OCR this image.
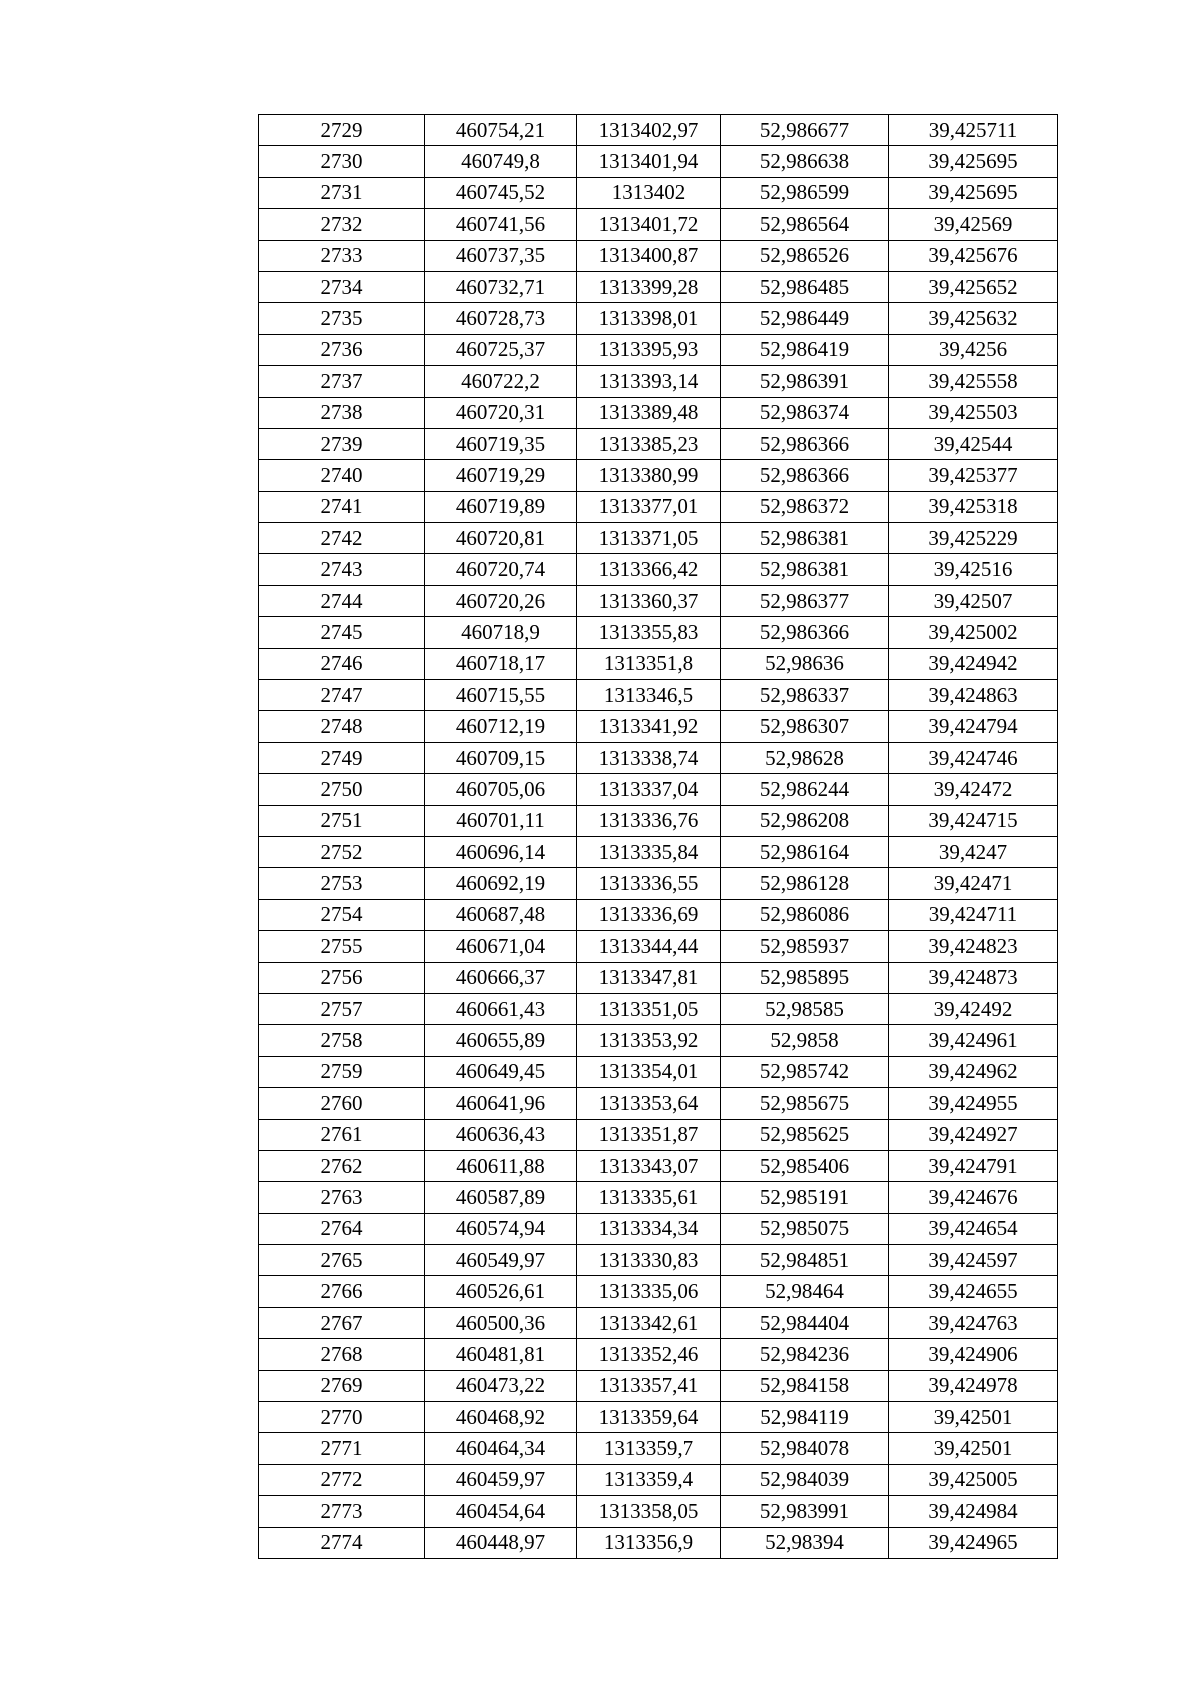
2729	460754,21	1313402,97	52,986677	39,425711
2730	460749,8	1313401,94	52,986638	39,425695
2731	460745,52	1313402	52,986599	39,425695
2732	460741,56	1313401,72	52,986564	39,42569
2733	460737,35	1313400,87	52,986526	39,425676
2734	460732,71	1313399,28	52,986485	39,425652
2735	460728,73	1313398,01	52,986449	39,425632
2736	460725,37	1313395,93	52,986419	39,4256
2737	460722,2	1313393,14	52,986391	39,425558
2738	460720,31	1313389,48	52,986374	39,425503
2739	460719,35	1313385,23	52,986366	39,42544
2740	460719,29	1313380,99	52,986366	39,425377
2741	460719,89	1313377,01	52,986372	39,425318
2742	460720,81	1313371,05	52,986381	39,425229
2743	460720,74	1313366,42	52,986381	39,42516
2744	460720,26	1313360,37	52,986377	39,42507
2745	460718,9	1313355,83	52,986366	39,425002
2746	460718,17	1313351,8	52,98636	39,424942
2747	460715,55	1313346,5	52,986337	39,424863
2748	460712,19	1313341,92	52,986307	39,424794
2749	460709,15	1313338,74	52,98628	39,424746
2750	460705,06	1313337,04	52,986244	39,42472
2751	460701,11	1313336,76	52,986208	39,424715
2752	460696,14	1313335,84	52,986164	39,4247
2753	460692,19	1313336,55	52,986128	39,42471
2754	460687,48	1313336,69	52,986086	39,424711
2755	460671,04	1313344,44	52,985937	39,424823
2756	460666,37	1313347,81	52,985895	39,424873
2757	460661,43	1313351,05	52,98585	39,42492
2758	460655,89	1313353,92	52,9858	39,424961
2759	460649,45	1313354,01	52,985742	39,424962
2760	460641,96	1313353,64	52,985675	39,424955
2761	460636,43	1313351,87	52,985625	39,424927
2762	460611,88	1313343,07	52,985406	39,424791
2763	460587,89	1313335,61	52,985191	39,424676
2764	460574,94	1313334,34	52,985075	39,424654
2765	460549,97	1313330,83	52,984851	39,424597
2766	460526,61	1313335,06	52,98464	39,424655
2767	460500,36	1313342,61	52,984404	39,424763
2768	460481,81	1313352,46	52,984236	39,424906
2769	460473,22	1313357,41	52,984158	39,424978
2770	460468,92	1313359,64	52,984119	39,42501
2771	460464,34	1313359,7	52,984078	39,42501
2772	460459,97	1313359,4	52,984039	39,425005
2773	460454,64	1313358,05	52,983991	39,424984
2774	460448,97	1313356,9	52,98394	39,424965
